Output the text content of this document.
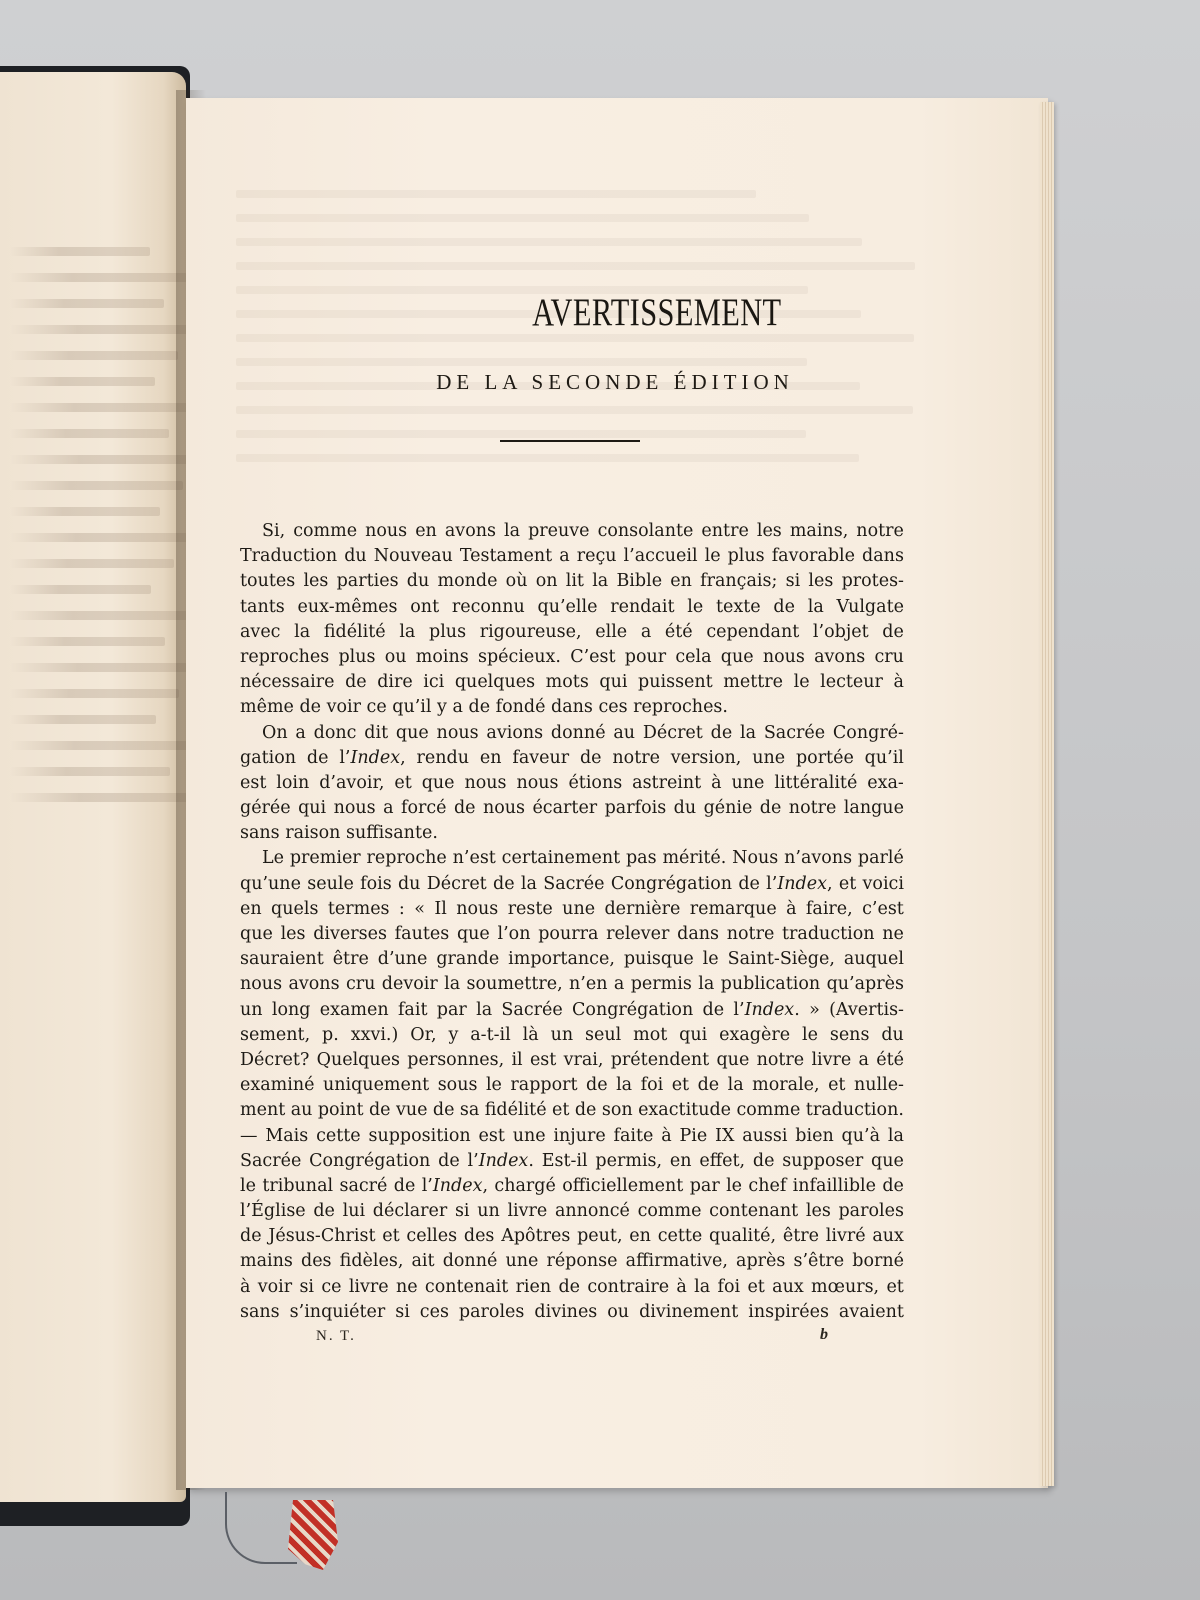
AVERTISSEMENT
DE LA SECONDE ÉDITION
Si, comme nous en avons la preuve consolante entre les mains, notre
Traduction du Nouveau Testament a reçu l’accueil le plus favorable dans
toutes les parties du monde où on lit la Bible en français; si les protes-
tants eux-mêmes ont reconnu qu’elle rendait le texte de la Vulgate
avec la fidélité la plus rigoureuse, elle a été cependant l’objet de
reproches plus ou moins spécieux. C’est pour cela que nous avons cru
nécessaire de dire ici quelques mots qui puissent mettre le lecteur à
même de voir ce qu’il y a de fondé dans ces reproches.
On a donc dit que nous avions donné au Décret de la Sacrée Congré-
gation de l’Index, rendu en faveur de notre version, une portée qu’il
est loin d’avoir, et que nous nous étions astreint à une littéralité exa-
gérée qui nous a forcé de nous écarter parfois du génie de notre langue
sans raison suffisante.
Le premier reproche n’est certainement pas mérité. Nous n’avons parlé
qu’une seule fois du Décret de la Sacrée Congrégation de l’Index, et voici
en quels termes : « Il nous reste une dernière remarque à faire, c’est
que les diverses fautes que l’on pourra relever dans notre traduction ne
sauraient être d’une grande importance, puisque le Saint-Siège, auquel
nous avons cru devoir la soumettre, n’en a permis la publication qu’après
un long examen fait par la Sacrée Congrégation de l’Index. » (Avertis-
sement, p. xxvi.) Or, y a-t-il là un seul mot qui exagère le sens du
Décret? Quelques personnes, il est vrai, prétendent que notre livre a été
examiné uniquement sous le rapport de la foi et de la morale, et nulle-
ment au point de vue de sa fidélité et de son exactitude comme traduction.
— Mais cette supposition est une injure faite à Pie IX aussi bien qu’à la
Sacrée Congrégation de l’Index. Est-il permis, en effet, de supposer que
le tribunal sacré de l’Index, chargé officiellement par le chef infaillible de
l’Église de lui déclarer si un livre annoncé comme contenant les paroles
de Jésus-Christ et celles des Apôtres peut, en cette qualité, être livré aux
mains des fidèles, ait donné une réponse affirmative, après s’être borné
à voir si ce livre ne contenait rien de contraire à la foi et aux mœurs, et
sans s’inquiéter si ces paroles divines ou divinement inspirées avaient
N. T.	b
